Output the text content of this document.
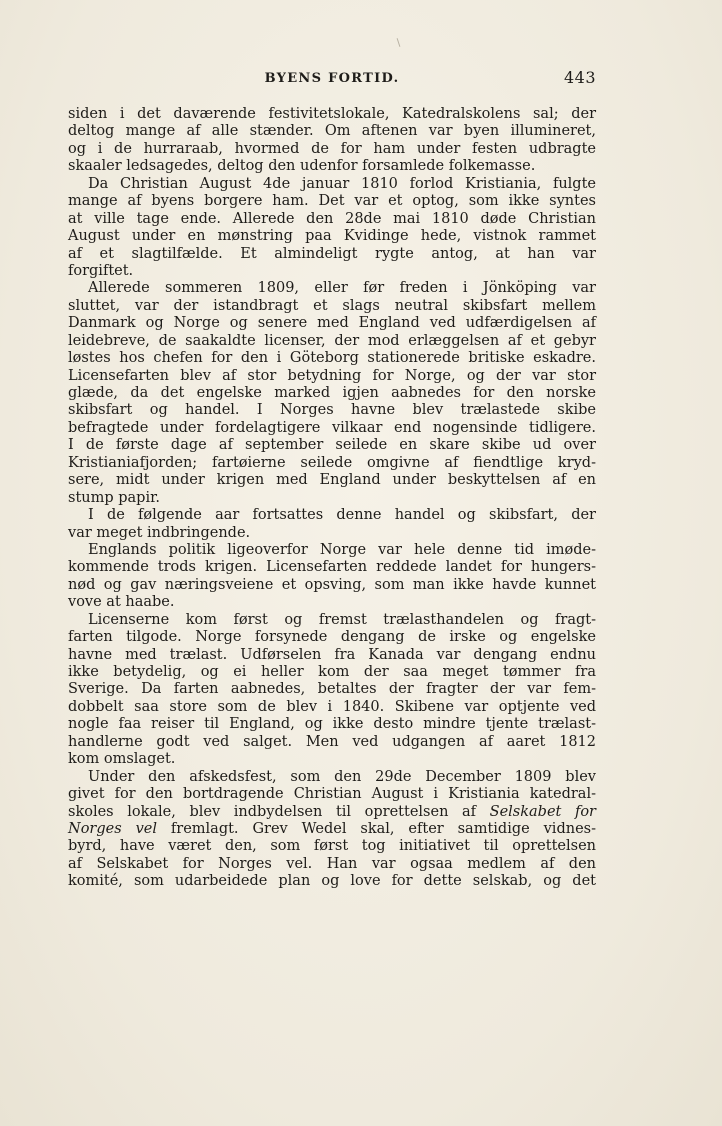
BYENS FORTID.	443
siden i det daværende festivitetslokale, Katedralskolens sal; der
deltog mange af alle stænder. Om aftenen var byen illumineret,
og i de hurraraab, hvormed de for ham under festen udbragte
skaaler ledsagedes, deltog den udenfor forsamlede folkemasse.
Da Christian August 4de januar 1810 forlod Kristiania, fulgte
mange af byens borgere ham. Det var et optog, som ikke syntes
at ville tage ende. Allerede den 28de mai 1810 døde Christian
August under en mønstring paa Kvidinge hede, vistnok rammet
af et slagtilfælde. Et almindeligt rygte antog, at han var
forgiftet.
Allerede sommeren 1809, eller før freden i Jönköping var
sluttet, var der istandbragt et slags neutral skibsfart mellem
Danmark og Norge og senere med England ved udfærdigelsen af
leidebreve, de saakaldte licenser, der mod erlæggelsen af et gebyr
løstes hos chefen for den i Göteborg stationerede britiske eskadre.
Licensefarten blev af stor betydning for Norge, og der var stor
glæde, da det engelske marked igjen aabnedes for den norske
skibsfart og handel. I Norges havne blev trælastede skibe
befragtede under fordelagtigere vilkaar end nogensinde tidligere.
I de første dage af september seilede en skare skibe ud over
Kristianiafjorden; fartøierne seilede omgivne af fiendtlige kryd-
sere, midt under krigen med England under beskyttelsen af en
stump papir.
I de følgende aar fortsattes denne handel og skibsfart, der
var meget indbringende.
Englands politik ligeoverfor Norge var hele denne tid imøde-
kommende trods krigen. Licensefarten reddede landet for hungers-
nød og gav næringsveiene et opsving, som man ikke havde kunnet
vove at haabe.
Licenserne kom først og fremst trælasthandelen og fragt-
farten tilgode. Norge forsynede dengang de irske og engelske
havne med trælast. Udførselen fra Kanada var dengang endnu
ikke betydelig, og ei heller kom der saa meget tømmer fra
Sverige. Da farten aabnedes, betaltes der fragter der var fem-
dobbelt saa store som de blev i 1840. Skibene var optjente ved
nogle faa reiser til England, og ikke desto mindre tjente trælast-
handlerne godt ved salget. Men ved udgangen af aaret 1812
kom omslaget.
Under den afskedsfest, som den 29de December 1809 blev
givet for den bortdragende Christian August i Kristiania katedral-
skoles lokale, blev indbydelsen til oprettelsen af Selskabet for
Norges vel fremlagt. Grev Wedel skal, efter samtidige vidnes-
byrd, have været den, som først tog initiativet til oprettelsen
af Selskabet for Norges vel. Han var ogsaa medlem af den
komité, som udarbeidede plan og love for dette selskab, og det
